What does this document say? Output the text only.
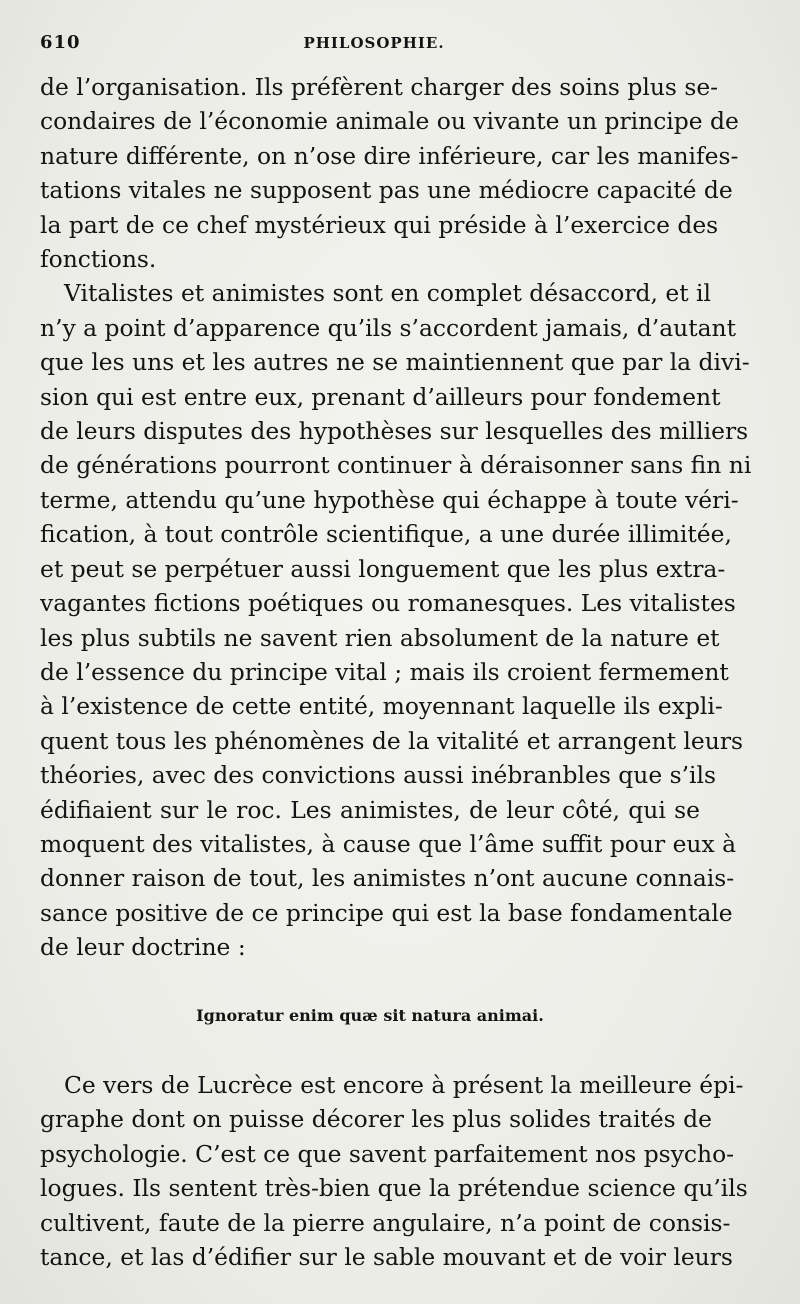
610	PHILOSOPHIE.
de l’organisation. Ils préfèrent charger des soins plus se-
condaires de l’économie animale ou vivante un principe de
nature différente, on n’ose dire inférieure, car les manifes-
tations vitales ne supposent pas une médiocre capacité de
la part de ce chef mystérieux qui préside à l’exercice des
fonctions.
Vitalistes et animistes sont en complet désaccord, et il
n’y a point d’apparence qu’ils s’accordent jamais, d’autant
que les uns et les autres ne se maintiennent que par la divi-
sion qui est entre eux, prenant d’ailleurs pour fondement
de leurs disputes des hypothèses sur lesquelles des milliers
de générations pourront continuer à déraisonner sans fin ni
terme, attendu qu’une hypothèse qui échappe à toute véri-
fication, à tout contrôle scientifique, a une durée illimitée,
et peut se perpétuer aussi longuement que les plus extra-
vagantes fictions poétiques ou romanesques. Les vitalistes
les plus subtils ne savent rien absolument de la nature et
de l’essence du principe vital ; mais ils croient fermement
à l’existence de cette entité, moyennant laquelle ils expli-
quent tous les phénomènes de la vitalité et arrangent leurs
théories, avec des convictions aussi inébranbles que s’ils
édifiaient sur le roc. Les animistes, de leur côté, qui se
moquent des vitalistes, à cause que l’âme suffit pour eux à
donner raison de tout, les animistes n’ont aucune connais-
sance positive de ce principe qui est la base fondamentale
de leur doctrine :
Ignoratur enim quæ sit natura animai.
Ce vers de Lucrèce est encore à présent la meilleure épi-
graphe dont on puisse décorer les plus solides traités de
psychologie. C’est ce que savent parfaitement nos psycho-
logues. Ils sentent très-bien que la prétendue science qu’ils
cultivent, faute de la pierre angulaire, n’a point de consis-
tance, et las d’édifier sur le sable mouvant et de voir leurs
